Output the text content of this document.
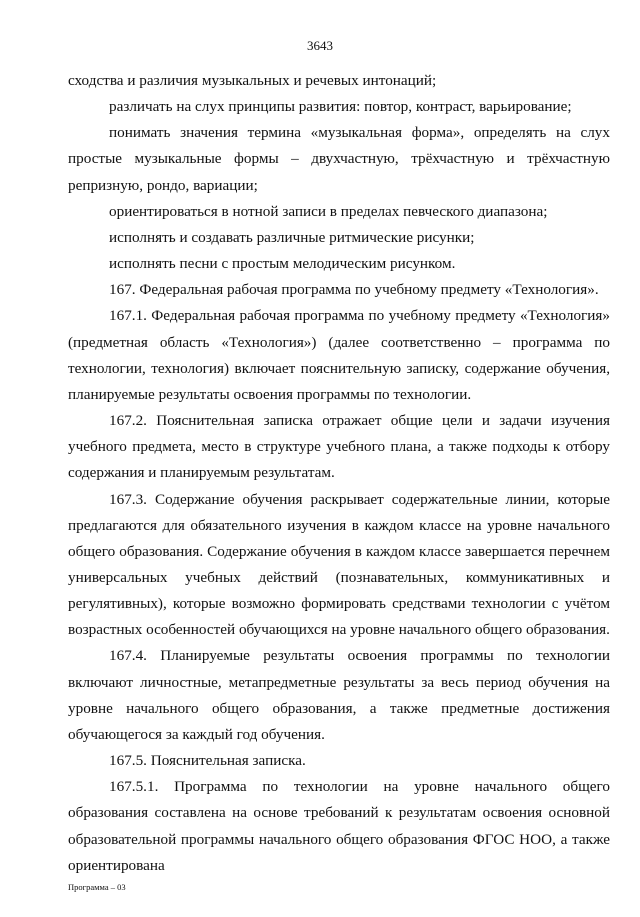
3643

сходства и различия музыкальных и речевых интонаций;

различать на слух принципы развития: повтор, контраст, варьирование;

понимать значения термина «музыкальная форма», определять на слух простые музыкальные формы – двухчастную, трёхчастную и трёхчастную репризную, рондо, вариации;

ориентироваться в нотной записи в пределах певческого диапазона;

исполнять и создавать различные ритмические рисунки;

исполнять песни с простым мелодическим рисунком.

167. Федеральная рабочая программа по учебному предмету «Технология».

167.1. Федеральная рабочая программа по учебному предмету «Технология» (предметная область «Технология») (далее соответственно – программа по технологии, технология) включает пояснительную записку, содержание обучения, планируемые результаты освоения программы по технологии.

167.2. Пояснительная записка отражает общие цели и задачи изучения учебного предмета, место в структуре учебного плана, а также подходы к отбору содержания и планируемым результатам.

167.3. Содержание обучения раскрывает содержательные линии, которые предлагаются для обязательного изучения в каждом классе на уровне начального общего образования. Содержание обучения в каждом классе завершается перечнем универсальных учебных действий (познавательных, коммуникативных и регулятивных), которые возможно формировать средствами технологии с учётом возрастных особенностей обучающихся на уровне начального общего образования.

167.4. Планируемые результаты освоения программы по технологии включают личностные, метапредметные результаты за весь период обучения на уровне начального общего образования, а также предметные достижения обучающегося за каждый год обучения.

167.5. Пояснительная записка.

167.5.1. Программа по технологии на уровне начального общего образования составлена на основе требований к результатам освоения основной образовательной программы начального общего образования ФГОС НОО, а также ориентирована

Программа – 03
